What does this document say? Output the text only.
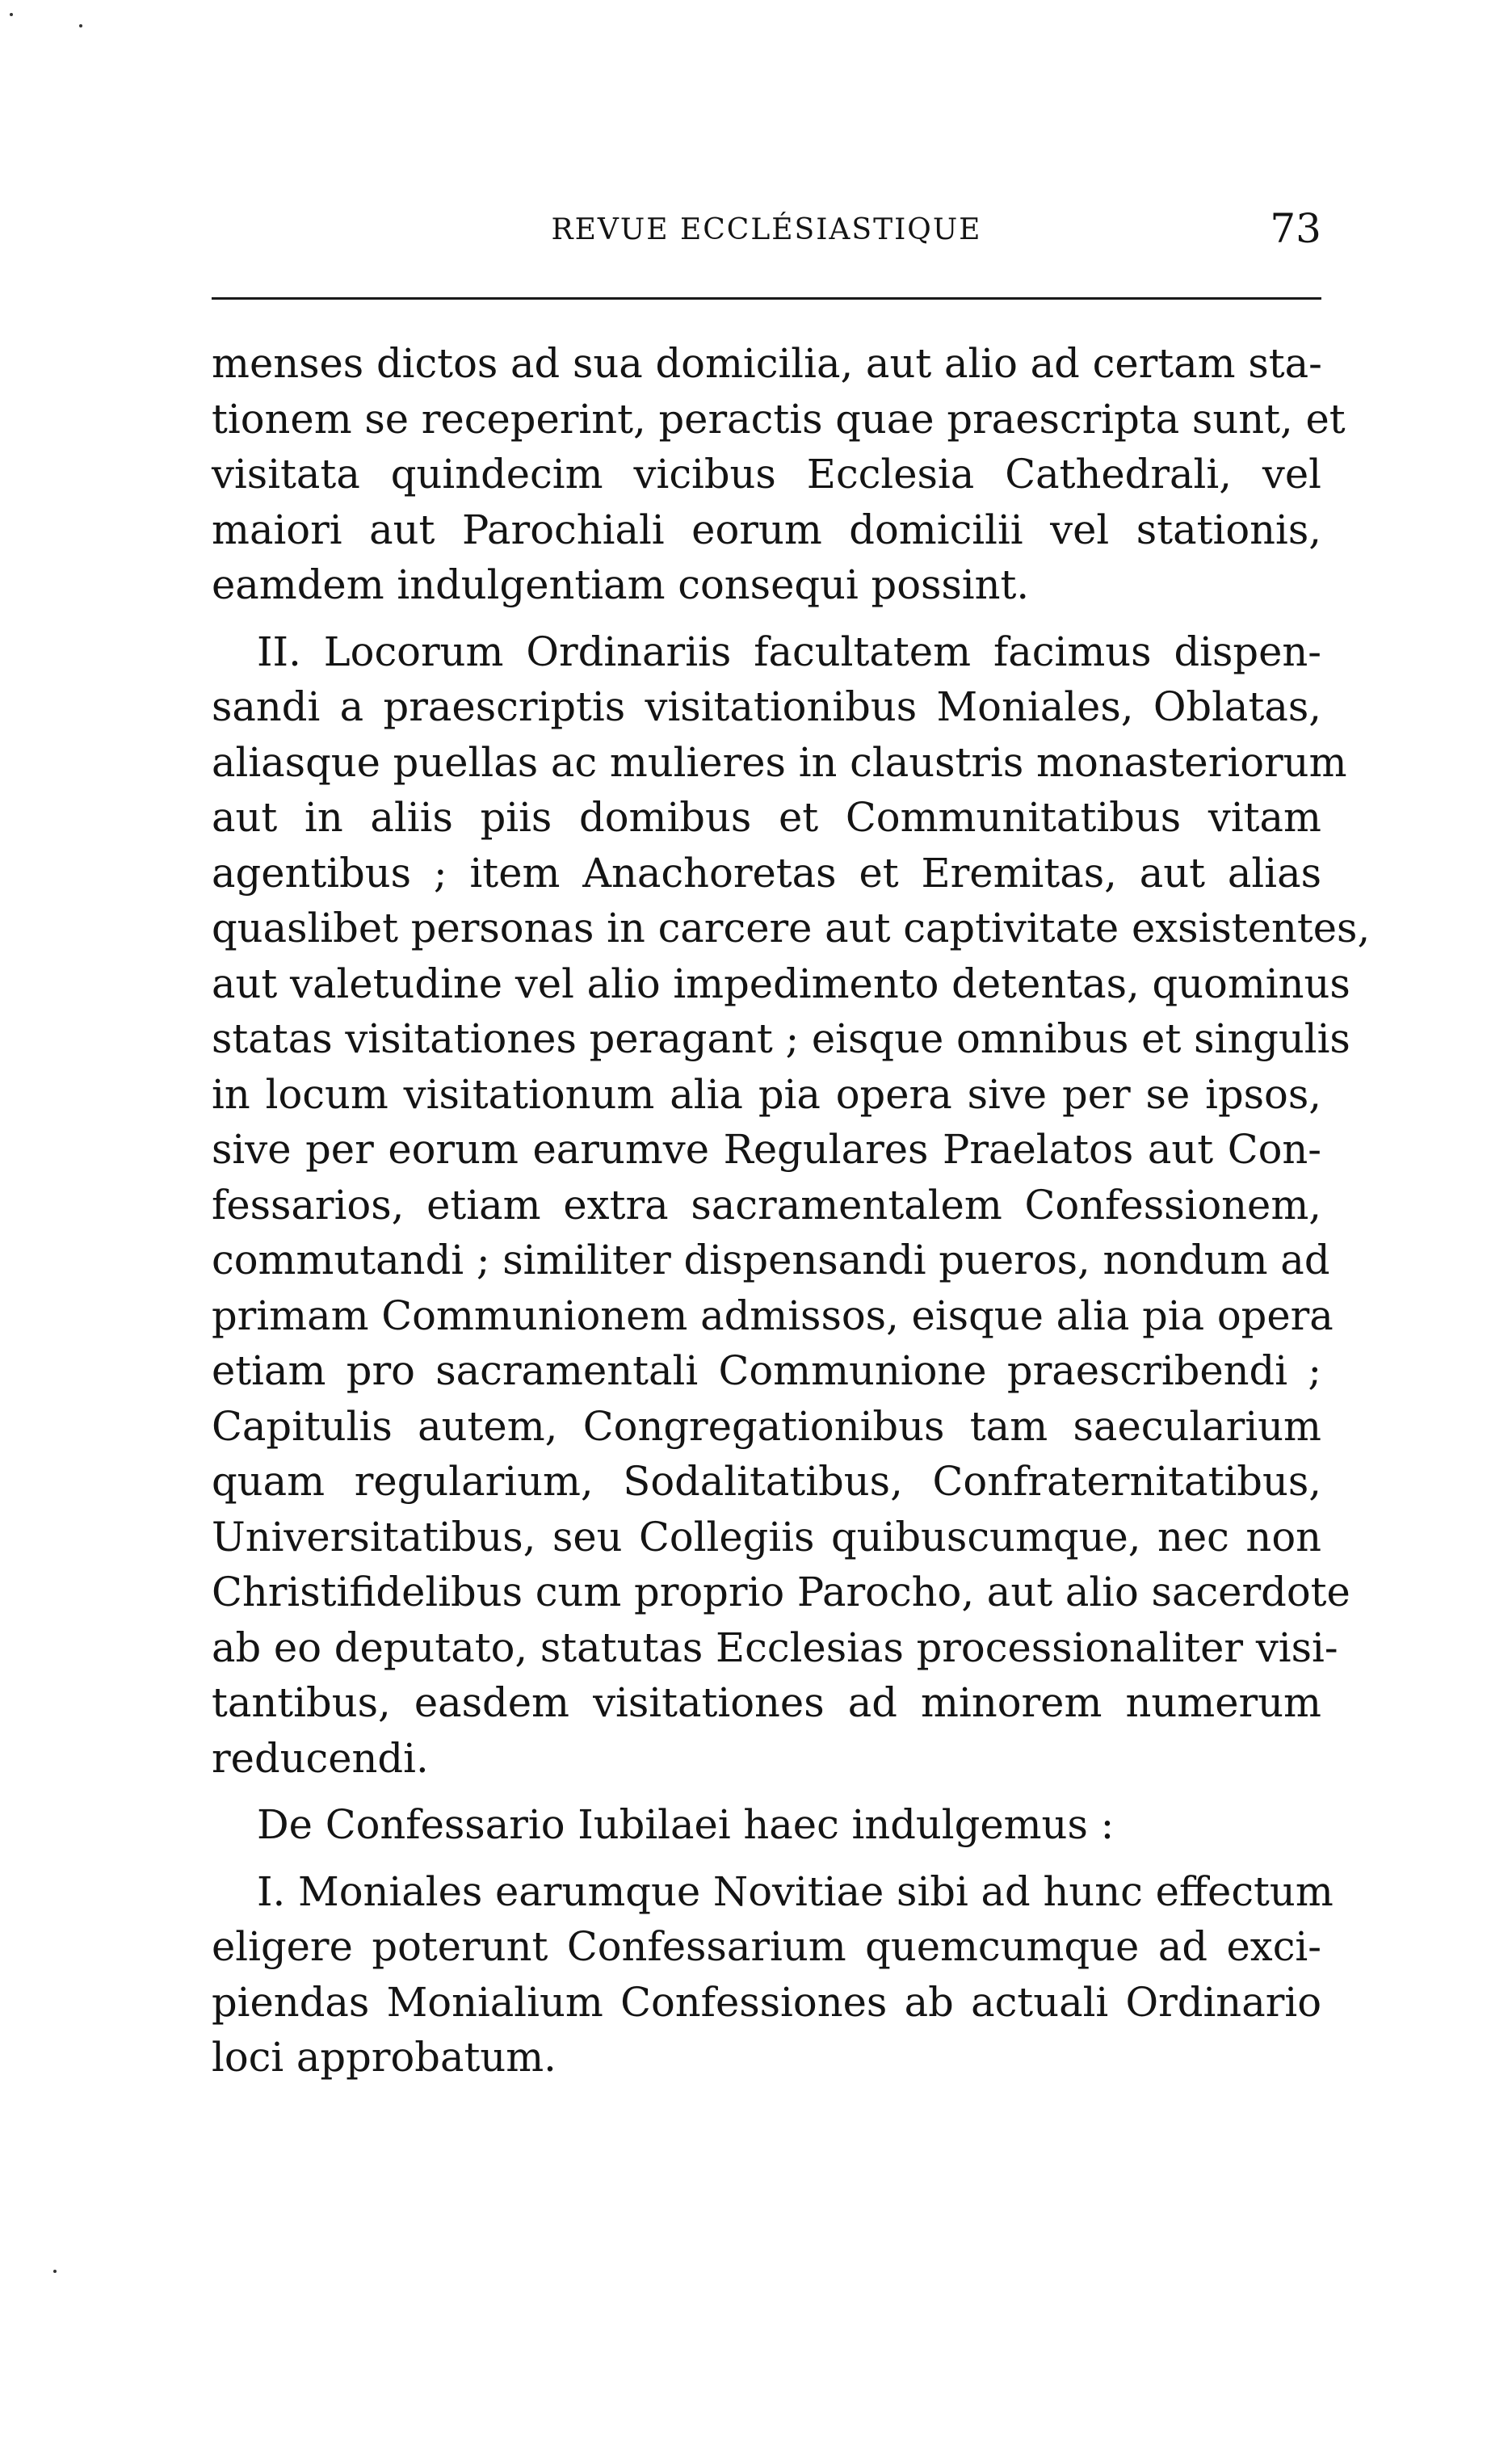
REVUE ECCLÉSIASTIQUE	73

menses dictos ad sua domicilia, aut alio ad certam sta-
tionem se receperint, peractis quae praescripta sunt, et
visitata quindecim vicibus Ecclesia Cathedrali, vel
maiori aut Parochiali eorum domicilii vel stationis,
eamdem indulgentiam consequi possint.

II. Locorum Ordinariis facultatem facimus dispen-
sandi a praescriptis visitationibus Moniales, Oblatas,
aliasque puellas ac mulieres in claustris monasteriorum
aut in aliis piis domibus et Communitatibus vitam
agentibus ; item Anachoretas et Eremitas, aut alias
quaslibet personas in carcere aut captivitate exsistentes,
aut valetudine vel alio impedimento detentas, quominus
statas visitationes peragant ; eisque omnibus et singulis
in locum visitationum alia pia opera sive per se ipsos,
sive per eorum earumve Regulares Praelatos aut Con-
fessarios, etiam extra sacramentalem Confessionem,
commutandi ; similiter dispensandi pueros, nondum ad
primam Communionem admissos, eisque alia pia opera
etiam pro sacramentali Communione praescribendi ;
Capitulis autem, Congregationibus tam saecularium
quam regularium, Sodalitatibus, Confraternitatibus,
Universitatibus, seu Collegiis quibuscumque, nec non
Christifidelibus cum proprio Parocho, aut alio sacerdote
ab eo deputato, statutas Ecclesias processionaliter visi-
tantibus, easdem visitationes ad minorem numerum
reducendi.

De Confessario Iubilaei haec indulgemus :

I. Moniales earumque Novitiae sibi ad hunc effectum
eligere poterunt Confessarium quemcumque ad exci-
piendas Monialium Confessiones ab actuali Ordinario
loci approbatum.
